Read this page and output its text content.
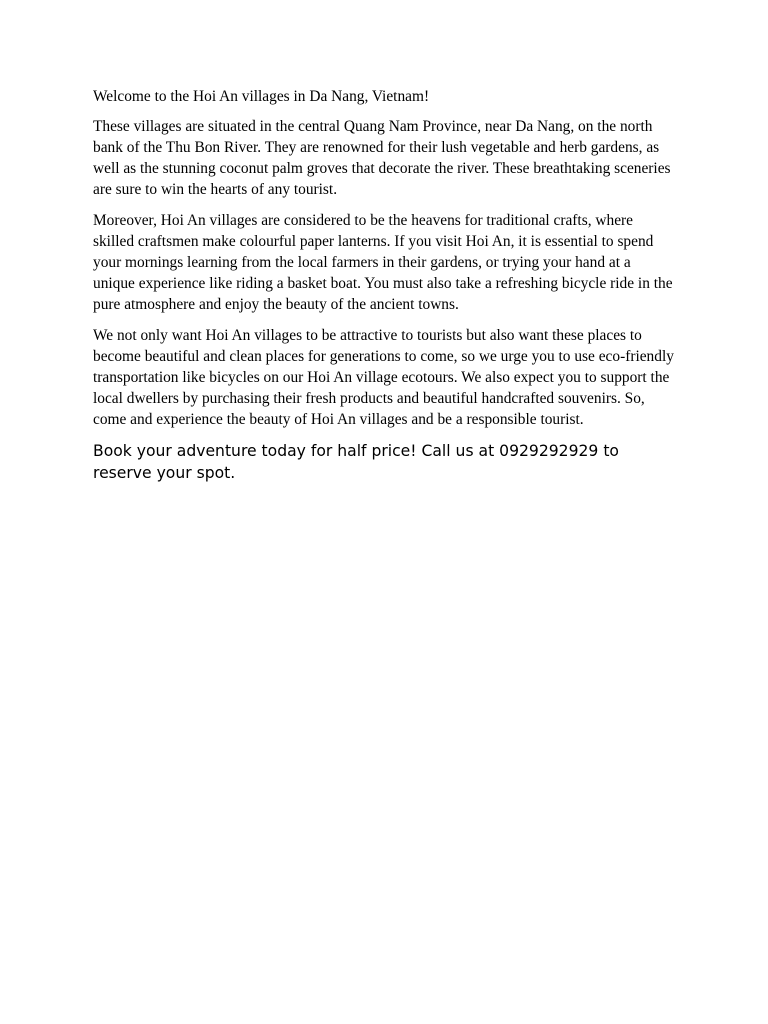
Welcome to the Hoi An villages in Da Nang, Vietnam!

These villages are situated in the central Quang Nam Province, near Da Nang, on the north bank of the Thu Bon River. They are renowned for their lush vegetable and herb gardens, as well as the stunning coconut palm groves that decorate the river. These breathtaking sceneries are sure to win the hearts of any tourist.

Moreover, Hoi An villages are considered to be the heavens for traditional crafts, where skilled craftsmen make colourful paper lanterns. If you visit Hoi An, it is essential to spend your mornings learning from the local farmers in their gardens, or trying your hand at a unique experience like riding a basket boat. You must also take a refreshing bicycle ride in the pure atmosphere and enjoy the beauty of the ancient towns.

We not only want Hoi An villages to be attractive to tourists but also want these places to become beautiful and clean places for generations to come, so we urge you to use eco-friendly transportation like bicycles on our Hoi An village ecotours. We also expect you to support the local dwellers by purchasing their fresh products and beautiful handcrafted souvenirs. So, come and experience the beauty of Hoi An villages and be a responsible tourist.

Book your adventure today for half price! Call us at 0929292929 to reserve your spot.
